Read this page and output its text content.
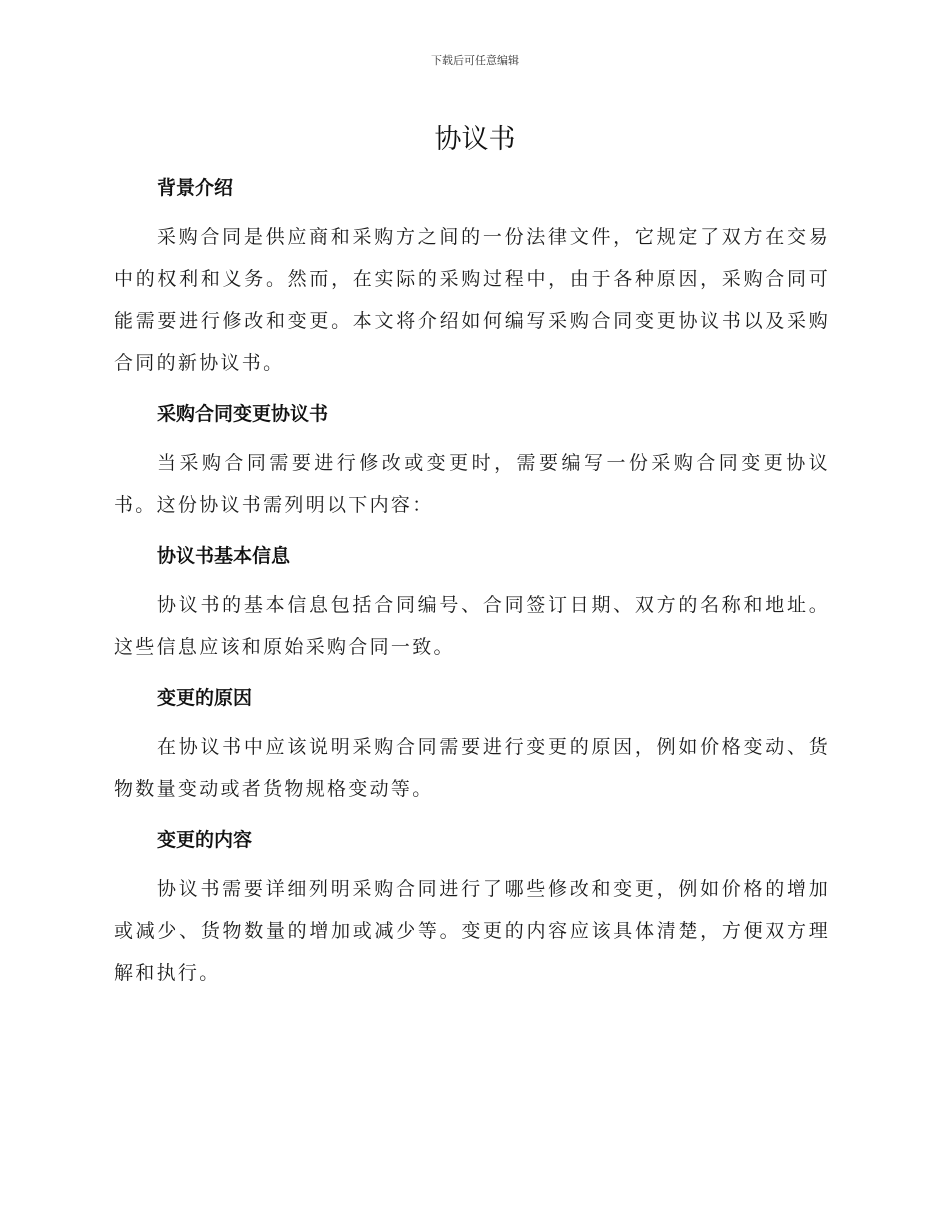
下载后可任意编辑
协议书
背景介绍

采购合同是供应商和采购方之间的一份法律文件，它规定了双方在交易中的权利和义务。然而，在实际的采购过程中，由于各种原因，采购合同可能需要进行修改和变更。本文将介绍如何编写采购合同变更协议书以及采购合同的新协议书。

采购合同变更协议书

当采购合同需要进行修改或变更时，需要编写一份采购合同变更协议书。这份协议书需列明以下内容：

协议书基本信息

协议书的基本信息包括合同编号、合同签订日期、双方的名称和地址。这些信息应该和原始采购合同一致。

变更的原因

在协议书中应该说明采购合同需要进行变更的原因，例如价格变动、货物数量变动或者货物规格变动等。

变更的内容

协议书需要详细列明采购合同进行了哪些修改和变更，例如价格的增加或减少、货物数量的增加或减少等。变更的内容应该具体清楚，方便双方理解和执行。
